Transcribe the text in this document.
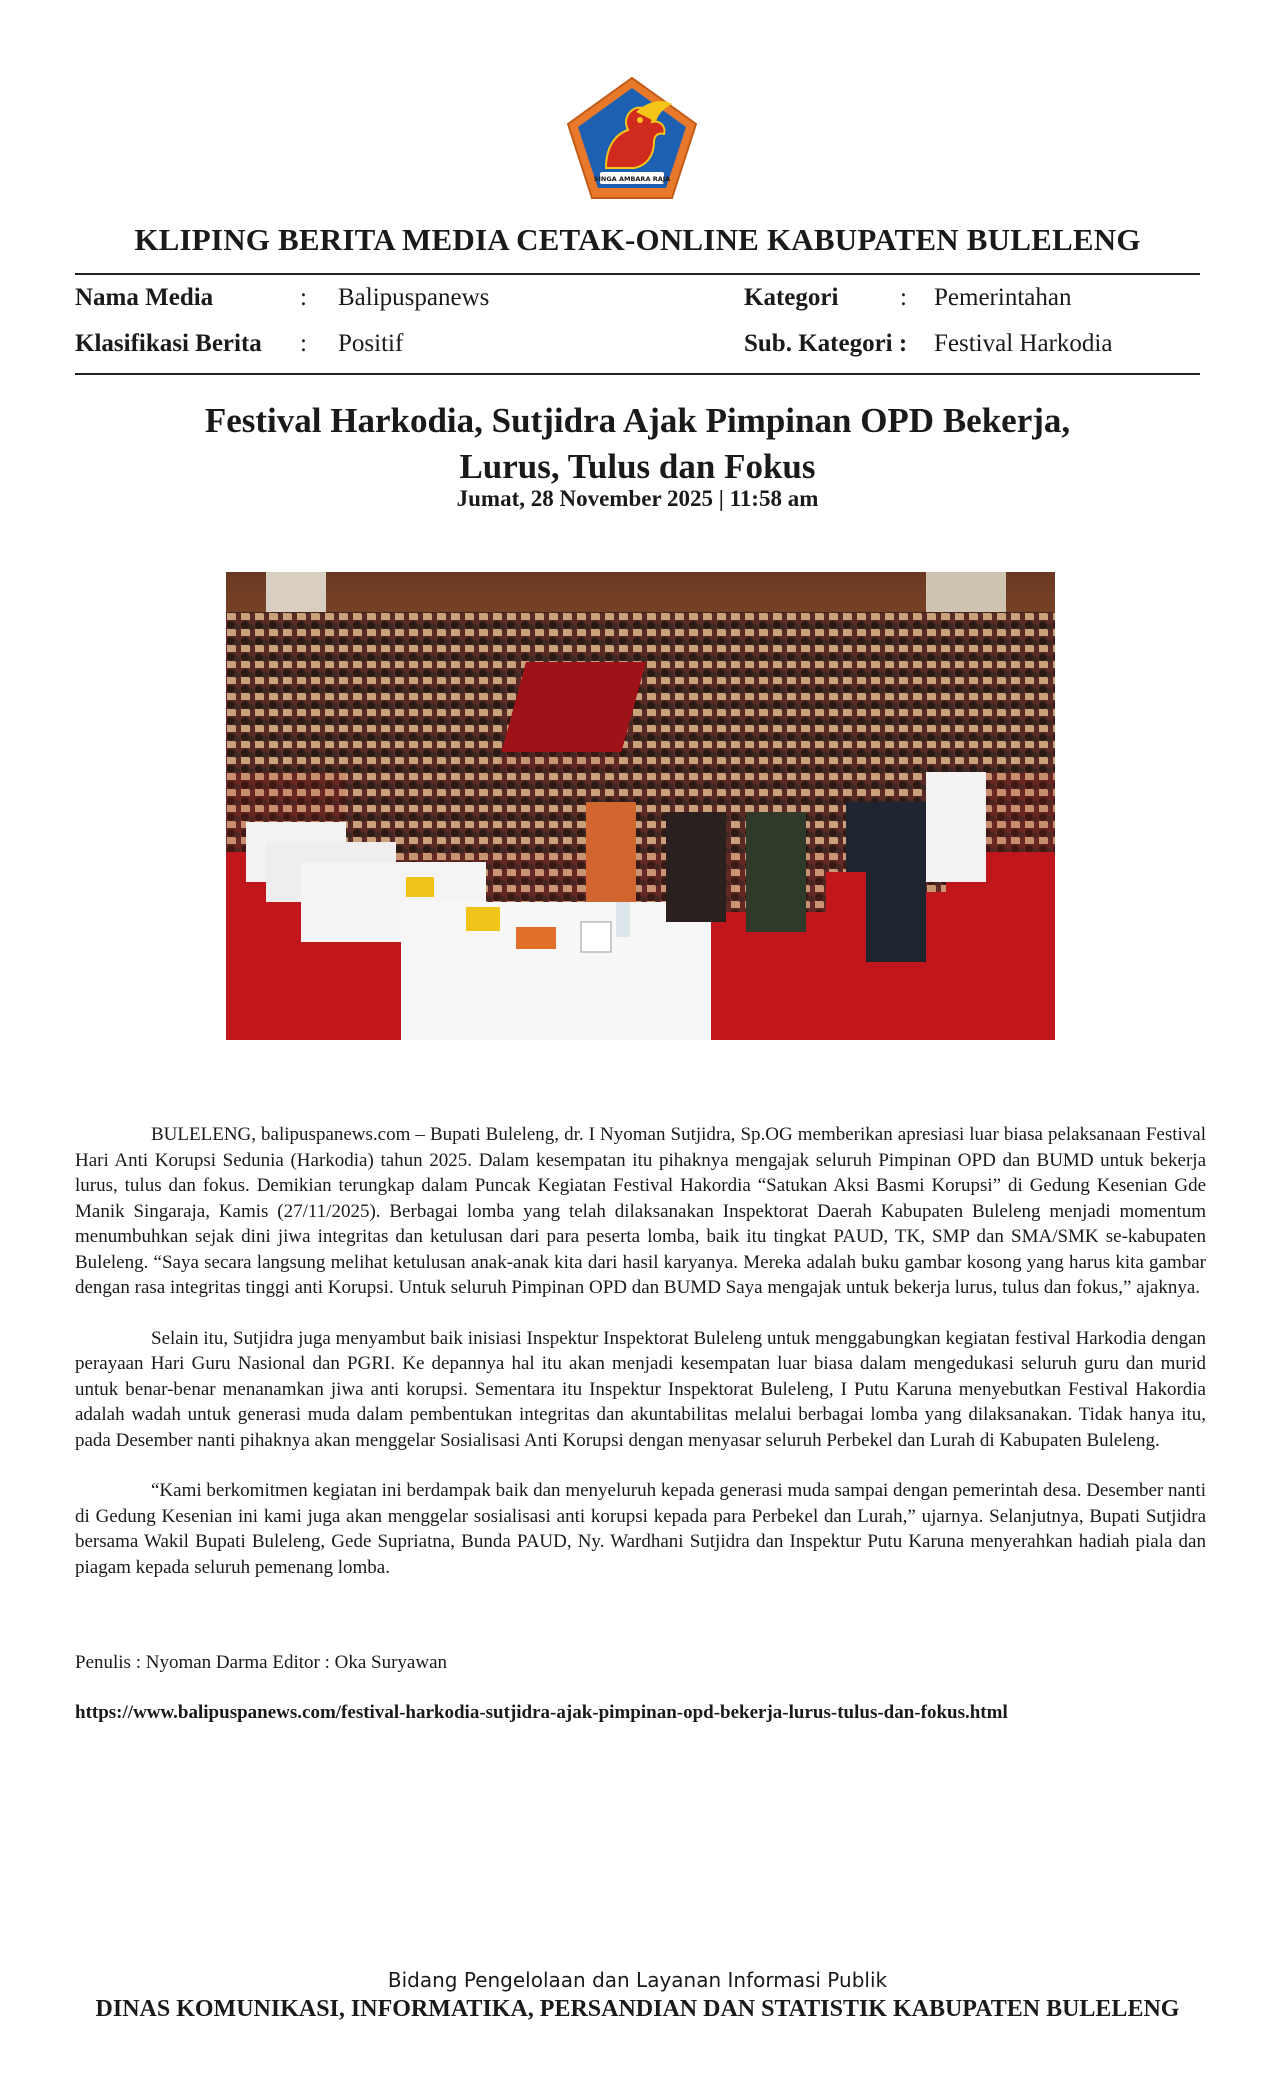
SINGA AMBARA RAJA
KLIPING BERITA MEDIA CETAK-ONLINE KABUPATEN BULELENG
Nama Media	: Balipuspanews	Kategori : Pemerintahan
Klasifikasi Berita : Positif	Sub. Kategori : Festival Harkodia
Festival Harkodia, Sutjidra Ajak Pimpinan OPD Bekerja,
Lurus, Tulus dan Fokus
Jumat, 28 November 2025 | 11:58 am

BULELENG, balipuspanews.com – Bupati Buleleng, dr. I Nyoman Sutjidra, Sp.OG memberikan apresiasi luar biasa pelaksanaan Festival Hari Anti Korupsi Sedunia (Harkodia) tahun 2025. Dalam kesempatan itu pihaknya mengajak seluruh Pimpinan OPD dan BUMD untuk bekerja lurus, tulus dan fokus. Demikian terungkap dalam Puncak Kegiatan Festival Hakordia “Satukan Aksi Basmi Korupsi” di Gedung Kesenian Gde Manik Singaraja, Kamis (27/11/2025). Berbagai lomba yang telah dilaksanakan Inspektorat Daerah Kabupaten Buleleng menjadi momentum menumbuhkan sejak dini jiwa integritas dan ketulusan dari para peserta lomba, baik itu tingkat PAUD, TK, SMP dan SMA/SMK se-kabupaten Buleleng. “Saya secara langsung melihat ketulusan anak-anak kita dari hasil karyanya. Mereka adalah buku gambar kosong yang harus kita gambar dengan rasa integritas tinggi anti Korupsi. Untuk seluruh Pimpinan OPD dan BUMD Saya mengajak untuk bekerja lurus, tulus dan fokus,” ajaknya.

Selain itu, Sutjidra juga menyambut baik inisiasi Inspektur Inspektorat Buleleng untuk menggabungkan kegiatan festival Harkodia dengan perayaan Hari Guru Nasional dan PGRI. Ke depannya hal itu akan menjadi kesempatan luar biasa dalam mengedukasi seluruh guru dan murid untuk benar-benar menanamkan jiwa anti korupsi. Sementara itu Inspektur Inspektorat Buleleng, I Putu Karuna menyebutkan Festival Hakordia adalah wadah untuk generasi muda dalam pembentukan integritas dan akuntabilitas melalui berbagai lomba yang dilaksanakan. Tidak hanya itu, pada Desember nanti pihaknya akan menggelar Sosialisasi Anti Korupsi dengan menyasar seluruh Perbekel dan Lurah di Kabupaten Buleleng.

“Kami berkomitmen kegiatan ini berdampak baik dan menyeluruh kepada generasi muda sampai dengan pemerintah desa. Desember nanti di Gedung Kesenian ini kami juga akan menggelar sosialisasi anti korupsi kepada para Perbekel dan Lurah,” ujarnya. Selanjutnya, Bupati Sutjidra bersama Wakil Bupati Buleleng, Gede Supriatna, Bunda PAUD, Ny. Wardhani Sutjidra dan Inspektur Putu Karuna menyerahkan hadiah piala dan piagam kepada seluruh pemenang lomba.

Penulis : Nyoman Darma Editor : Oka Suryawan
https://www.balipuspanews.com/festival-harkodia-sutjidra-ajak-pimpinan-opd-bekerja-lurus-tulus-dan-fokus.html
Bidang Pengelolaan dan Layanan Informasi Publik
DINAS KOMUNIKASI, INFORMATIKA, PERSANDIAN DAN STATISTIK KABUPATEN BULELENG
